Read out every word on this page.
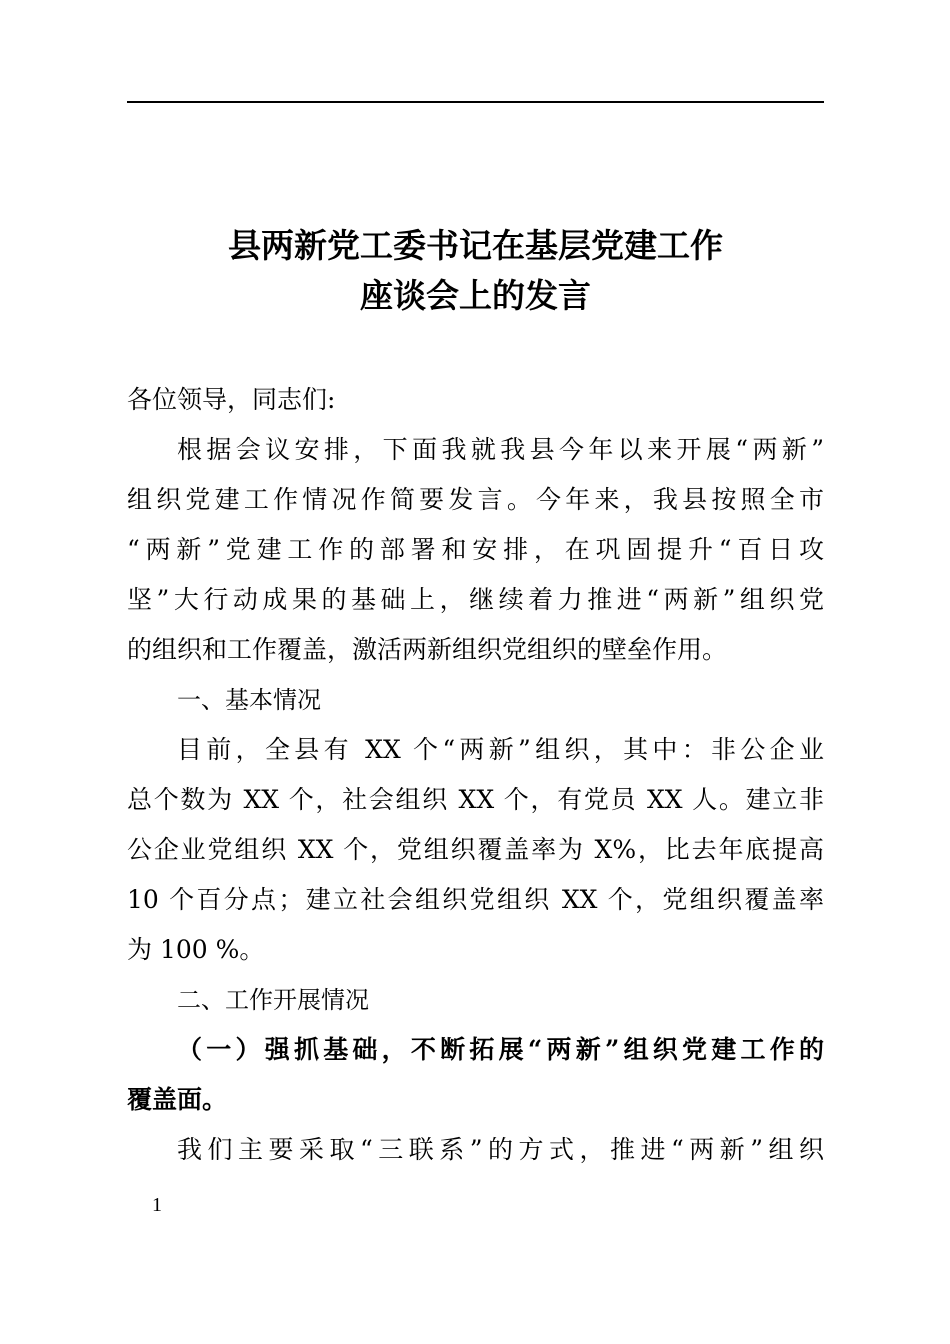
县两新党工委书记在基层党建工作
座谈会上的发言

各位领导，同志们:

根据会议安排，下面我就我县今年以来开展“两新”

组织党建工作情况作简要发言。今年来，我县按照全市

“两新”党建工作的部署和安排，在巩固提升“百日攻

坚”大行动成果的基础上，继续着力推进“两新”组织党

的组织和工作覆盖，激活两新组织党组织的壁垒作用。

一、基本情况

目前，全县有 XX 个“两新”组织，其中：非公企业

总个数为 XX 个，社会组织 XX 个，有党员 XX 人。建立非

公企业党组织 XX 个，党组织覆盖率为 X%，比去年底提高

10 个百分点；建立社会组织党组织 XX 个，党组织覆盖率

为 100 %。

二、工作开展情况

（一）强抓基础，不断拓展“两新”组织党建工作的

覆盖面。

我们主要采取“三联系”的方式，推进“两新”组织

1
